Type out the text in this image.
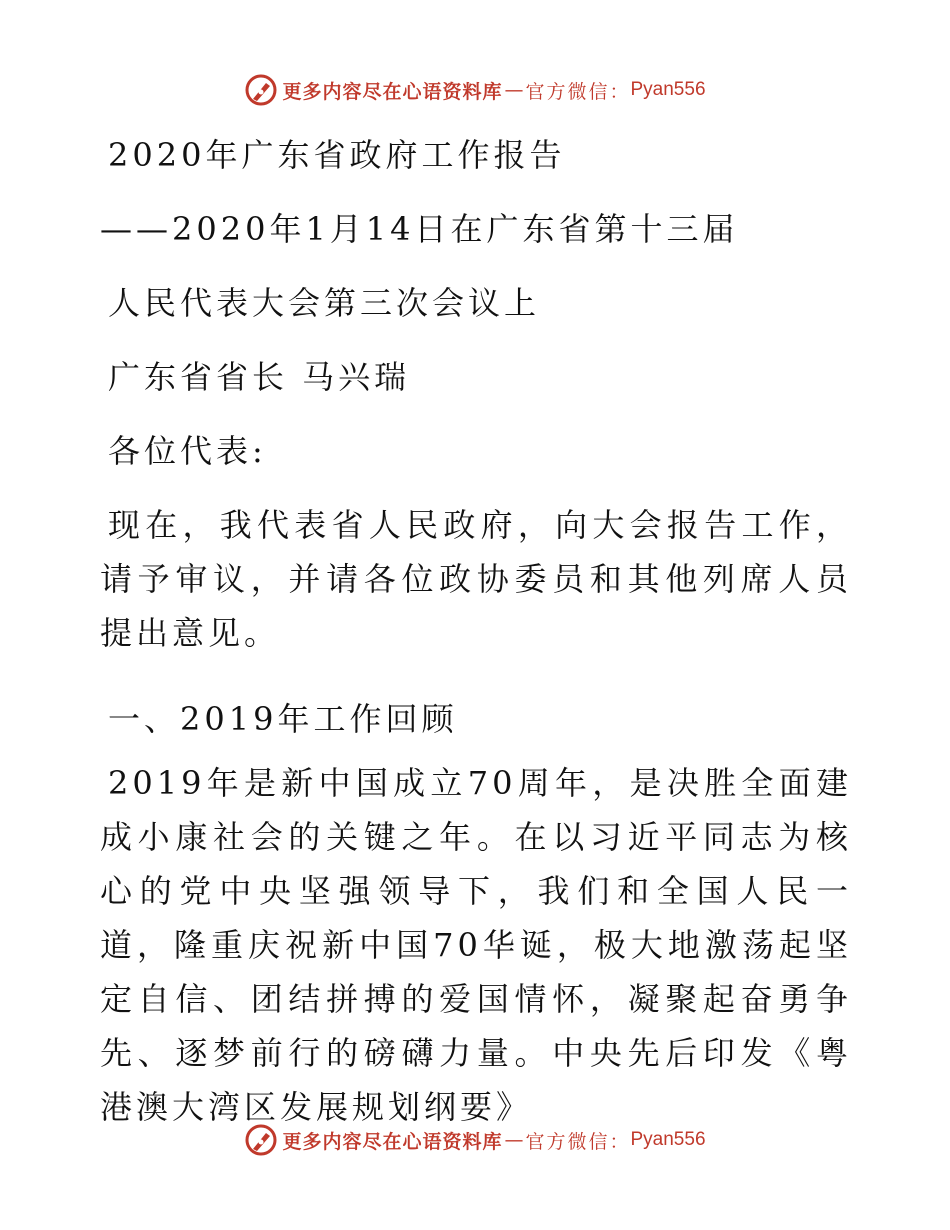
更多内容尽在心语资料库 — 官方微信： Pyan556

2020年广东省政府工作报告

——2020年1月14日在广东省第十三届

人民代表大会第三次会议上

广东省省长 马兴瑞

各位代表:

现在，我代表省人民政府，向大会报告工作，请予审议，并请各位政协委员和其他列席人员提出意见。

一、2019年工作回顾

2019年是新中国成立70周年，是决胜全面建成小康社会的关键之年。在以习近平同志为核心的党中央坚强领导下，我们和全国人民一道，隆重庆祝新中国70华诞，极大地激荡起坚定自信、团结拼搏的爱国情怀，凝聚起奋勇争先、逐梦前行的磅礴力量。中央先后印发《粤港澳大湾区发展规划纲要》

更多内容尽在心语资料库 — 官方微信： Pyan556
